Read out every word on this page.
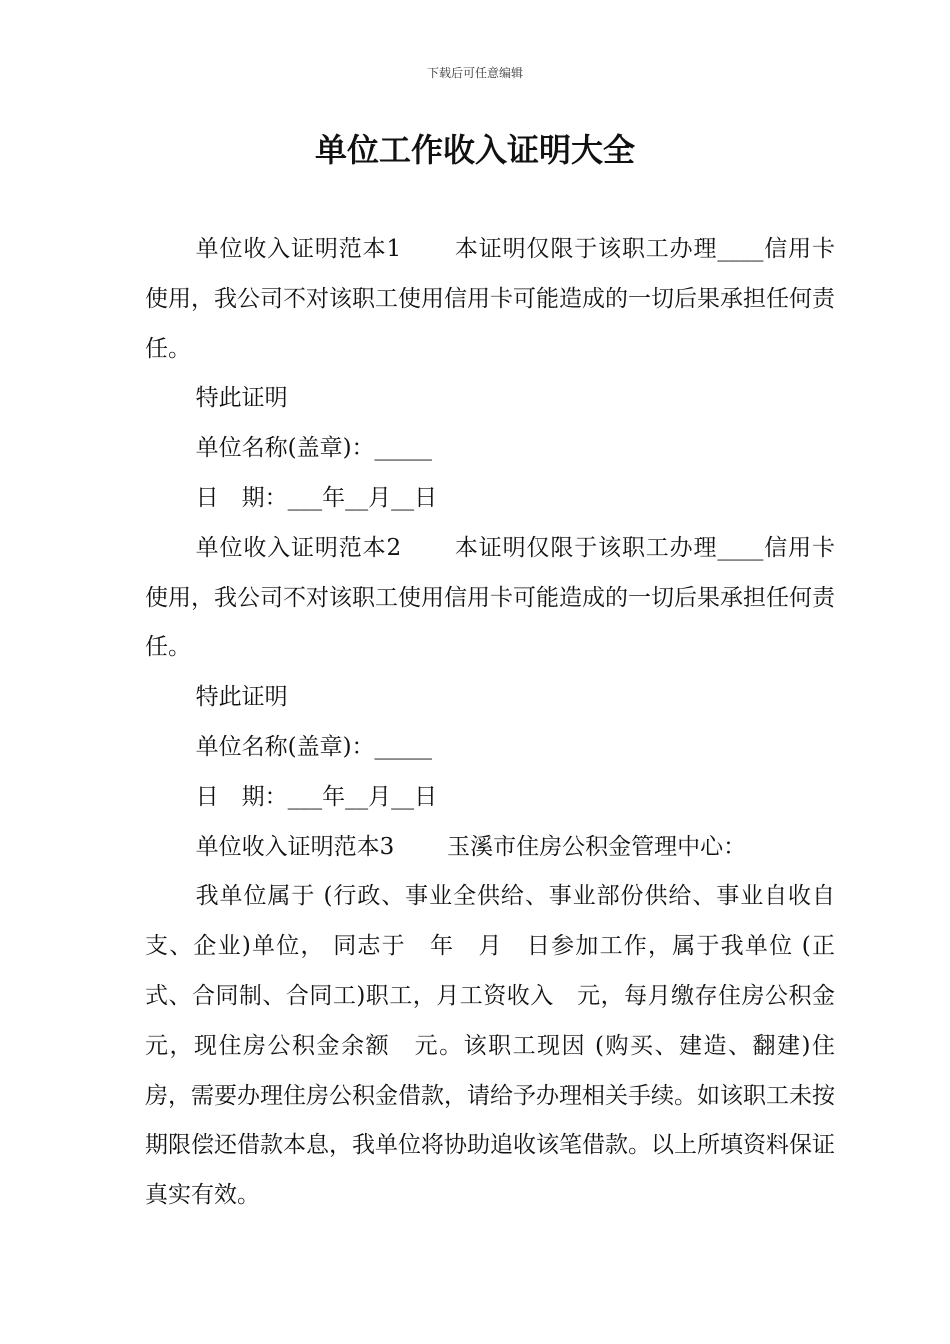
下载后可任意编辑
单位工作收入证明大全

单位收入证明范本1 本证明仅限于该职工办理____信用卡使用，我公司不对该职工使用信用卡可能造成的一切后果承担任何责任。

特此证明

单位名称(盖章)：_____

日　期：___年__月__日

单位收入证明范本2 本证明仅限于该职工办理____信用卡使用，我公司不对该职工使用信用卡可能造成的一切后果承担任何责任。

特此证明

单位名称(盖章)：_____

日　期：___年__月__日

单位收入证明范本3 玉溪市住房公积金管理中心：

我单位属于 (行政、事业全供给、事业部份供给、事业自收自支、企业)单位， 同志于　年　月　日参加工作，属于我单位 (正式、合同制、合同工)职工，月工资收入　元，每月缴存住房公积金　元，现住房公积金余额　元。该职工现因 (购买、建造、翻建)住房，需要办理住房公积金借款，请给予办理相关手续。如该职工未按期限偿还借款本息，我单位将协助追收该笔借款。以上所填资料保证真实有效。
